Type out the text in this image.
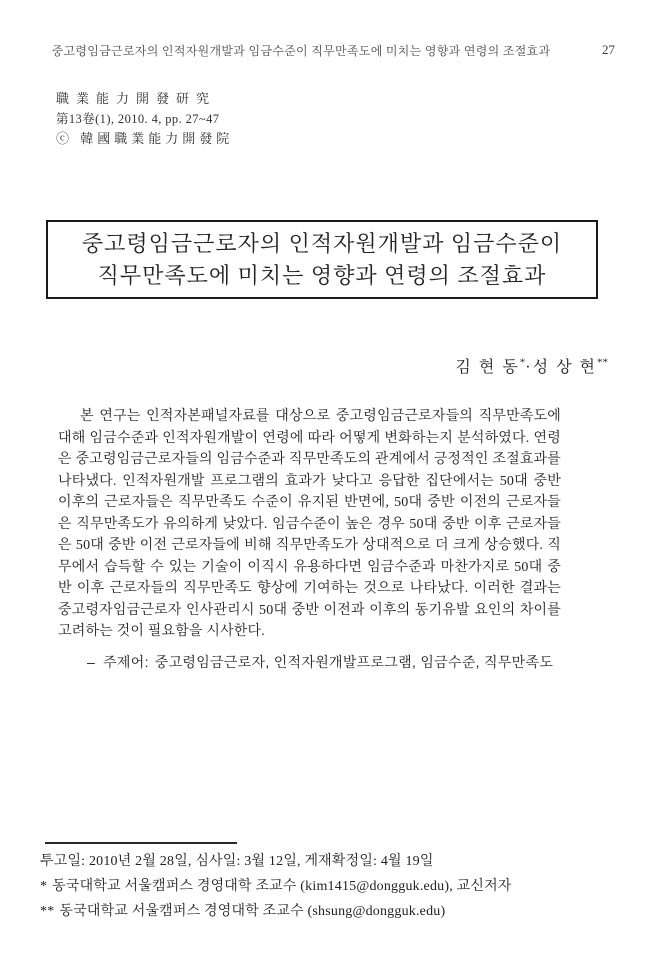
중고령임금근로자의 인적자원개발과 임금수준이 직무만족도에 미치는 영향과 연령의 조절효과	27
職業能力開發研究
第13卷(1), 2010. 4, pp. 27~47
ⓒ 韓國職業能力開發院
중고령임금근로자의 인적자원개발과 임금수준이
직무만족도에 미치는 영향과 연령의 조절효과
김 현 동*·성 상 현**
본 연구는 인적자본패널자료를 대상으로 중고령임금근로자들의 직무만족도에 대해 임금수준과 인적자원개발이 연령에 따라 어떻게 변화하는지 분석하였다. 연령은 중고령임금근로자들의 임금수준과 직무만족도의 관계에서 긍정적인 조절효과를 나타냈다. 인적자원개발 프로그램의 효과가 낮다고 응답한 집단에서는 50대 중반 이후의 근로자들은 직무만족도 수준이 유지된 반면에, 50대 중반 이전의 근로자들은 직무만족도가 유의하게 낮았다. 임금수준이 높은 경우 50대 중반 이후 근로자들은 50대 중반 이전 근로자들에 비해 직무만족도가 상대적으로 더 크게 상승했다. 직무에서 습득할 수 있는 기술이 이직시 유용하다면 임금수준과 마찬가지로 50대 중반 이후 근로자들의 직무만족도 향상에 기여하는 것으로 나타났다. 이러한 결과는 중고령자임금근로자 인사관리시 50대 중반 이전과 이후의 동기유발 요인의 차이를 고려하는 것이 필요함을 시사한다.
– 주제어: 중고령임금근로자, 인적자원개발프로그램, 임금수준, 직무만족도
투고일: 2010년 2월 28일, 심사일: 3월 12일, 게재확정일: 4월 19일
* 동국대학교 서울캠퍼스 경영대학 조교수 (kim1415@dongguk.edu), 교신저자
** 동국대학교 서울캠퍼스 경영대학 조교수 (shsung@dongguk.edu)
